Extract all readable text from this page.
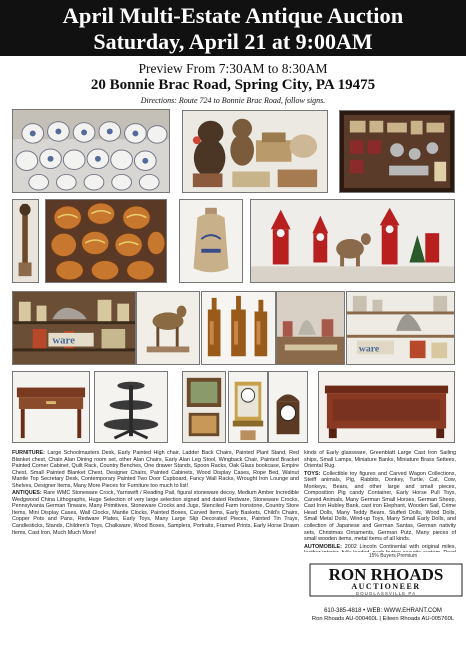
April Multi-Estate Antique Auction
Saturday, April 21 at 9:00AM
Preview From 7:30AM to 8:30AM
20 Bonnie Brac Road, Spring City, PA 19475
Directions: Route 724 to Bonnie Brac Road, follow signs.
ware
ware

FURNITURE: Large Schoolmasters Desk, Early Painted High chair, Ladder Back Chairs, Painted Plant Stand, Red Blanket chest, Chain Alan Dining room set, other Alan Chairs, Early Alan Leg Stool, Wingback Chair, Painted Bracket Painted Corner Cabinet, Quilt Rack, Country Benches, One drawer Stands, Spoon Racks, Oak Glass bookcase, Empire Chest, Small Painted Blanket Chest, Designer Chairs, Painted Cabinets, Wood Display Cases, Rope Bed, Walnut Mantle Top Secretary Desk, Contemporary Painted Two Door Cupboard, Fancy Wall Racks, Wrought Iron Lounge and Shelves, Designer Items, Many More Pieces for Furniture too much to list!

ANTIQUES: Rare WMC Stoneware Crock, Yarnswift / Reading Pail, figural stoneware decoy, Medium Amber Incredible Wedgwood China Lithographs, Huge Selection of very large selection signed and dated Redware, Stoneware Crocks, Pennsylvania German Tinware, Many Primitives, Stoneware Crocks and Jugs, Stenciled Farm Ironstone, Country Store Items, Mini Display Cases, Wall Clocks, Mantle Clocks, Painted Boxes, Carved Items, Early Baskets, Child's Chairs, Copper Pots and Pans, Redware Plates, Early Toys, Many Large Slip Decorated Pieces, Painted Tin Trays, Candlesticks, Stands, Children's Toys, Chalkware, Wood Boxes, Samplers, Portraits, Framed Prints, Early Horse Drawn Items, Cast Iron, Much Much More!

kinds of Early glassware, Greenblatt Large Cast Iron Sailing ships, Small Lamps, Miniature Banks, Miniature Brass Settees, Oriental Rug.

TOYS: Collectible toy figures and Carved Wagon Collections, Steiff animals, Pig, Rabbits, Donkey, Turtle, Cat, Cow, Monkeys, Bears, and other large and small pieces, Composition Pig candy Container, Early Horse Pull Toys, Carved Animals, Many German Small Horses, German Sheep, Cast Iron Hubley Bank, cast iron Elephant, Wooden Sail, Crime Head Dolls, Many Teddy Bears, Stuffed Dolls, Wood Dolls, Small Metal Dolls, Wind-up Toys, Many Small Early Dolls, and collection of Japanese and German Santas, German nativity sets, Christmas Ornaments, German Putz, Many pieces of small wooden items, metal items of all kinds.

AUTOMOBILE: 2002 Lincoln Continental with original miles,

15% Buyers Premium
RON RHOADS
AUCTIONEER
DOUGLASSVILLE PA
610-385-4818 • WEB: WWW.EHRANT.COM
Ron Rhoads AU-000460L | Eileen Rhoads AU-005760L
